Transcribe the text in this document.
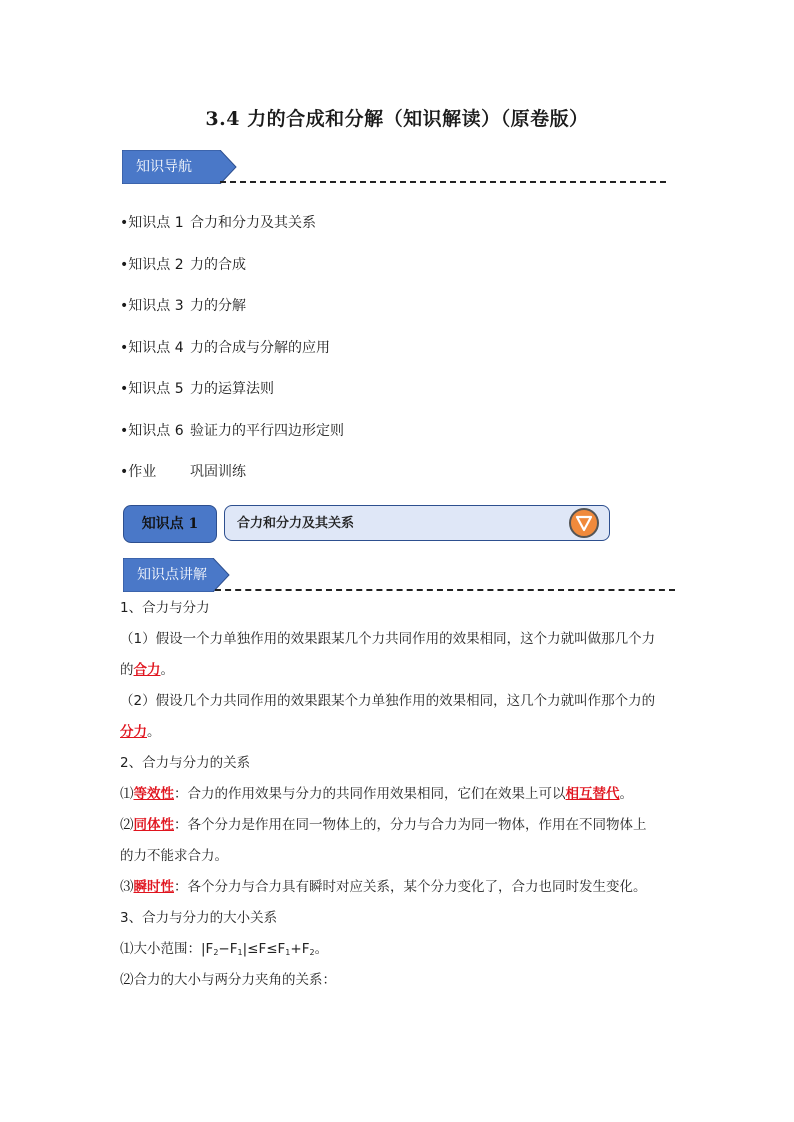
3.4 力的合成和分解（知识解读）（原卷版）
知识导航
•知识点 1 合力和分力及其关系
•知识点 2 力的合成
•知识点 3 力的分解
•知识点 4 力的合成与分解的应用
•知识点 5 力的运算法则
•知识点 6 验证力的平行四边形定则
•作业 巩固训练
知识点 1	合力和分力及其关系
知识点讲解

1、合力与分力

（1）假设一个力单独作用的效果跟某几个力共同作用的效果相同，这个力就叫做那几个力

的合力。

（2）假设几个力共同作用的效果跟某个力单独作用的效果相同，这几个力就叫作那个力的

分力。

2、合力与分力的关系

⑴等效性：合力的作用效果与分力的共同作用效果相同，它们在效果上可以相互替代。

⑵同体性：各个分力是作用在同一物体上的，分力与合力为同一物体，作用在不同物体上

的力不能求合力。

⑶瞬时性：各个分力与合力具有瞬时对应关系，某个分力变化了，合力也同时发生变化。

3、合力与分力的大小关系

⑴大小范围：$|F_2-F_1|\le F\le F_1+F_2$。

⑵合力的大小与两分力夹角的关系：
